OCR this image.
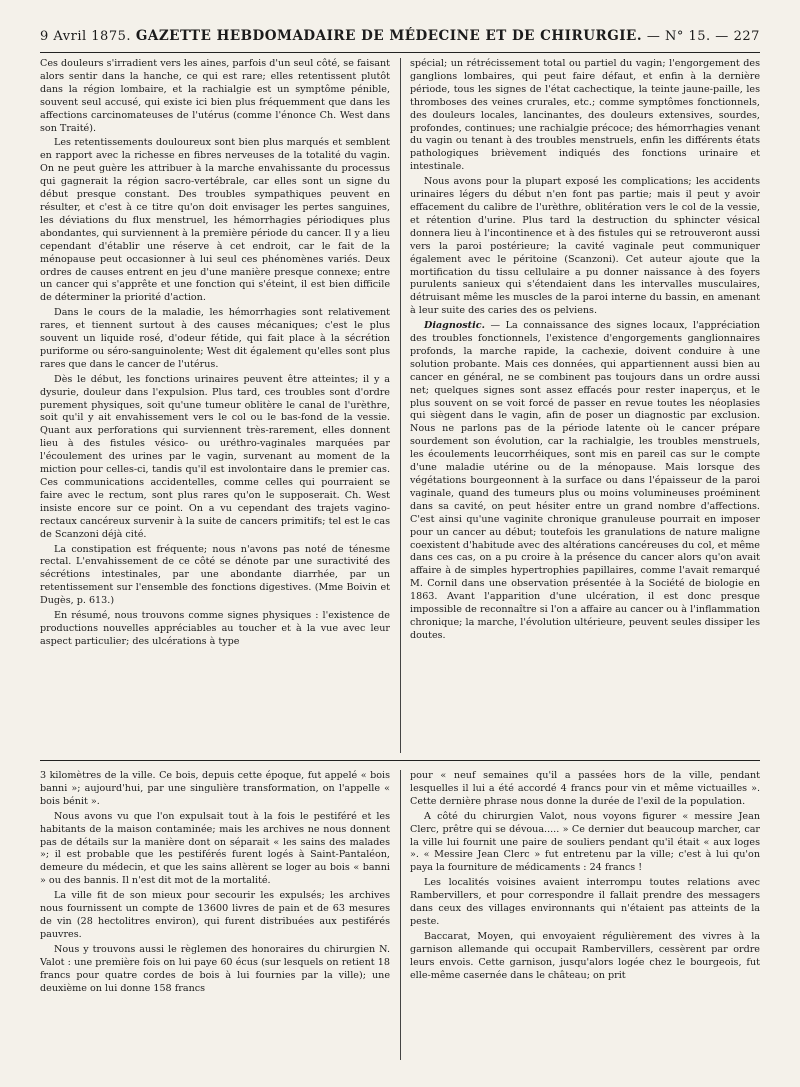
9 Avril 1875. GAZETTE HEBDOMADAIRE DE MÉDECINE ET DE CHIRURGIE. — N° 15. — 227

Ces douleurs s'irradient vers les aines, parfois d'un seul côté, se faisant alors sentir dans la hanche, ce qui est rare; elles retentissent plutôt dans la région lombaire, et la rachialgie est un symptôme pénible, souvent seul accusé, qui existe ici bien plus fréquemment que dans les affections carcinomateuses de l'utérus (comme l'énonce Ch. West dans son Traité).

Les retentissements douloureux sont bien plus marqués et semblent en rapport avec la richesse en fibres nerveuses de la totalité du vagin. On ne peut guère les attribuer à la marche envahissante du processus qui gagnerait la région sacro-vertébrale, car elles sont un signe du début presque constant. Des troubles sympathiques peuvent en résulter, et c'est à ce titre qu'on doit envisager les pertes sanguines, les déviations du flux menstruel, les hémorrhagies périodiques plus abondantes, qui surviennent à la première période du cancer. Il y a lieu cependant d'établir une réserve à cet endroit, car le fait de la ménopause peut occasionner à lui seul ces phénomènes variés. Deux ordres de causes entrent en jeu d'une manière presque connexe; entre un cancer qui s'apprête et une fonction qui s'éteint, il est bien difficile de déterminer la priorité d'action.

Dans le cours de la maladie, les hémorrhagies sont relativement rares, et tiennent surtout à des causes mécaniques; c'est le plus souvent un liquide rosé, d'odeur fétide, qui fait place à la sécrétion puriforme ou séro-sanguinolente; West dit également qu'elles sont plus rares que dans le cancer de l'utérus.

Dès le début, les fonctions urinaires peuvent être atteintes; il y a dysurie, douleur dans l'expulsion. Plus tard, ces troubles sont d'ordre purement physiques, soit qu'une tumeur oblitère le canal de l'urèthre, soit qu'il y ait envahissement vers le col ou le bas-fond de la vessie. Quant aux perforations qui surviennent très-rarement, elles donnent lieu à des fistules vésico- ou uréthro-vaginales marquées par l'écoulement des urines par le vagin, survenant au moment de la miction pour celles-ci, tandis qu'il est involontaire dans le premier cas. Ces communications accidentelles, comme celles qui pourraient se faire avec le rectum, sont plus rares qu'on le supposerait. Ch. West insiste encore sur ce point. On a vu cependant des trajets vagino-rectaux cancéreux survenir à la suite de cancers primitifs; tel est le cas de Scanzoni déjà cité.

La constipation est fréquente; nous n'avons pas noté de ténesme rectal. L'envahissement de ce côté se dénote par une suractivité des sécrétions intestinales, par une abondante diarrhée, par un retentissement sur l'ensemble des fonctions digestives. (Mme Boivin et Dugès, p. 613.)

En résumé, nous trouvons comme signes physiques : l'existence de productions nouvelles appréciables au toucher et à la vue avec leur aspect particulier; des ulcérations à type

spécial; un rétrécissement total ou partiel du vagin; l'engorgement des ganglions lombaires, qui peut faire défaut, et enfin à la dernière période, tous les signes de l'état cachectique, la teinte jaune-paille, les thromboses des veines crurales, etc.; comme symptômes fonctionnels, des douleurs locales, lancinantes, des douleurs extensives, sourdes, profondes, continues; une rachialgie précoce; des hémorrhagies venant du vagin ou tenant à des troubles menstruels, enfin les différents états pathologiques brièvement indiqués des fonctions urinaire et intestinale.

Nous avons pour la plupart exposé les complications; les accidents urinaires légers du début n'en font pas partie; mais il peut y avoir effacement du calibre de l'urèthre, oblitération vers le col de la vessie, et rétention d'urine. Plus tard la destruction du sphincter vésical donnera lieu à l'incontinence et à des fistules qui se retrouveront aussi vers la paroi postérieure; la cavité vaginale peut communiquer également avec le péritoine (Scanzoni). Cet auteur ajoute que la mortification du tissu cellulaire a pu donner naissance à des foyers purulents sanieux qui s'étendaient dans les intervalles musculaires, détruisant même les muscles de la paroi interne du bassin, en amenant à leur suite des caries des os pelviens.

Diagnostic. — La connaissance des signes locaux, l'appréciation des troubles fonctionnels, l'existence d'engorgements ganglionnaires profonds, la marche rapide, la cachexie, doivent conduire à une solution probante. Mais ces données, qui appartiennent aussi bien au cancer en général, ne se combinent pas toujours dans un ordre aussi net; quelques signes sont assez effacés pour rester inaperçus, et le plus souvent on se voit forcé de passer en revue toutes les néoplasies qui siègent dans le vagin, afin de poser un diagnostic par exclusion. Nous ne parlons pas de la période latente où le cancer prépare sourdement son évolution, car la rachialgie, les troubles menstruels, les écoulements leucorrhéiques, sont mis en pareil cas sur le compte d'une maladie utérine ou de la ménopause. Mais lorsque des végétations bourgeonnent à la surface ou dans l'épaisseur de la paroi vaginale, quand des tumeurs plus ou moins volumineuses proéminent dans sa cavité, on peut hésiter entre un grand nombre d'affections. C'est ainsi qu'une vaginite chronique granuleuse pourrait en imposer pour un cancer au début; toutefois les granulations de nature maligne coexistent d'habitude avec des altérations cancéreuses du col, et même dans ces cas, on a pu croire à la présence du cancer alors qu'on avait affaire à de simples hypertrophies papillaires, comme l'avait remarqué M. Cornil dans une observation présentée à la Société de biologie en 1863. Avant l'apparition d'une ulcération, il est donc presque impossible de reconnaître si l'on a affaire au cancer ou à l'inflammation chronique; la marche, l'évolution ultérieure, peuvent seules dissiper les doutes.

3 kilomètres de la ville. Ce bois, depuis cette époque, fut appelé « bois banni »; aujourd'hui, par une singulière transformation, on l'appelle « bois bénit ».

Nous avons vu que l'on expulsait tout à la fois le pestiféré et les habitants de la maison contaminée; mais les archives ne nous donnent pas de détails sur la manière dont on séparait « les sains des malades »; il est probable que les pestiférés furent logés à Saint-Pantaléon, demeure du médecin, et que les sains allèrent se loger au bois « banni » ou des bannis. Il n'est dit mot de la mortalité.

La ville fit de son mieux pour secourir les expulsés; les archives nous fournissent un compte de 13600 livres de pain et de 63 mesures de vin (28 hectolitres environ), qui furent distribuées aux pestiférés pauvres.

Nous y trouvons aussi le règlemen des honoraires du chirurgien N. Valot : une première fois on lui paye 60 écus (sur lesquels on retient 18 francs pour quatre cordes de bois à lui fournies par la ville); une deuxième on lui donne 158 francs

pour « neuf semaines qu'il a passées hors de la ville, pendant lesquelles il lui a été accordé 4 francs pour vin et même victuailles ». Cette dernière phrase nous donne la durée de l'exil de la population.

A côté du chirurgien Valot, nous voyons figurer « messire Jean Clerc, prêtre qui se dévoua..... » Ce dernier dut beaucoup marcher, car la ville lui fournit une paire de souliers pendant qu'il était « aux loges ». « Messire Jean Clerc » fut entretenu par la ville; c'est à lui qu'on paya la fourniture de médicaments : 24 francs !

Les localités voisines avaient interrompu toutes relations avec Rambervillers, et pour correspondre il fallait prendre des messagers dans ceux des villages environnants qui n'étaient pas atteints de la peste.

Baccarat, Moyen, qui envoyaient régulièrement des vivres à la garnison allemande qui occupait Rambervillers, cessèrent par ordre leurs envois. Cette garnison, jusqu'alors logée chez le bourgeois, fut elle-même casernée dans le château; on prit
